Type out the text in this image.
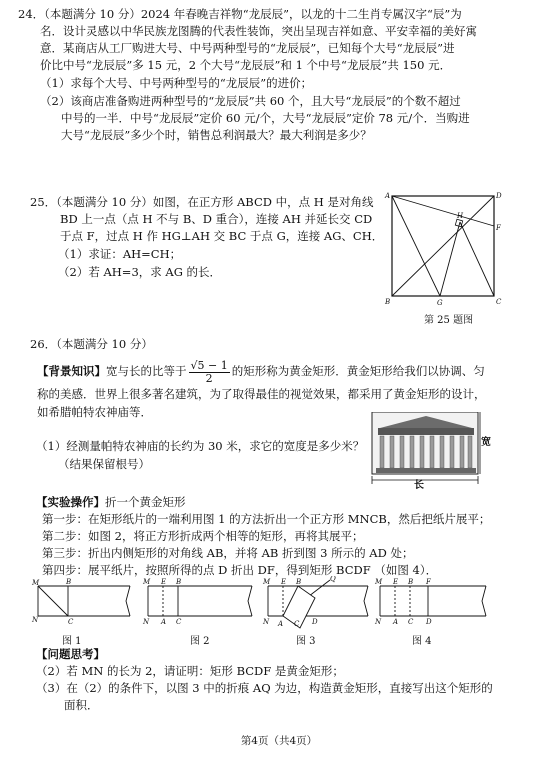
24．（本题满分 10 分）2024 年春晚吉祥物“龙辰辰”，以龙的十二生肖专属汉字“辰”为
名．设计灵感以中华民族龙图腾的代表性装饰，突出呈现吉祥如意、平安幸福的美好寓
意．某商店从工厂购进大号、中号两种型号的“龙辰辰”，已知每个大号“龙辰辰”进
价比中号“龙辰辰”多 15 元，2 个大号“龙辰辰”和 1 个中号“龙辰辰”共 150 元．
（1）求每个大号、中号两种型号的“龙辰辰”的进价；
（2）该商店准备购进两种型号的“龙辰辰”共 60 个，且大号“龙辰辰”的个数不超过
中号的一半．中号“龙辰辰”定价 60 元/个，大号“龙辰辰”定价 78 元/个．当购进
大号“龙辰辰”多少个时，销售总利润最大？最大利润是多少？
25．（本题满分 10 分）如图，在正方形 ABCD 中，点 H 是对角线
BD 上一点（点 H 不与 B、D 重合），连接 AH 并延长交 CD
于点 F，过点 H 作 HG⊥AH 交 BC 于点 G，连接 AG、CH．
（1）求证：AH=CH；
（2）若 AH=3，求 AG 的长．
A	D
H
F
B	G	C
第 25 题图
26．（本题满分 10 分）
【背景知识】宽与长的比等于 $\frac{√5 - 1}{2}$ 的矩形称为黄金矩形．黄金矩形给我们以协调、匀
称的美感．世界上很多著名建筑，为了取得最佳的视觉效果，都采用了黄金矩形的设计，
如希腊帕特农神庙等．
（1）经测量帕特农神庙的长约为 30 米，求它的宽度是多少米？
（结果保留根号）
宽
长
【实验操作】折一个黄金矩形
第一步：在矩形纸片的一端利用图 1 的方法折出一个正方形 MNCB，然后把纸片展平；
第二步：如图 2，将正方形折成两个相等的矩形，再将其展平；
第三步：折出内侧矩形的对角线 AB，并将 AB 折到图 3 所示的 AD 处；
第四步：展平纸片，按照所得的点 D 折出 DF，得到矩形 BCDF （如图 4）．
M	B
N	C
M E B
N A C
M E B	Q
N A C D
M E B F
N A C D
图 1	图 2	图 3	图 4
【问题思考】
（2）若 MN 的长为 2，请证明：矩形 BCDF 是黄金矩形；
（3）在（2）的条件下，以图 3 中的折痕 AQ 为边，构造黄金矩形，直接写出这个矩形的
面积．
第4页（共4页）
